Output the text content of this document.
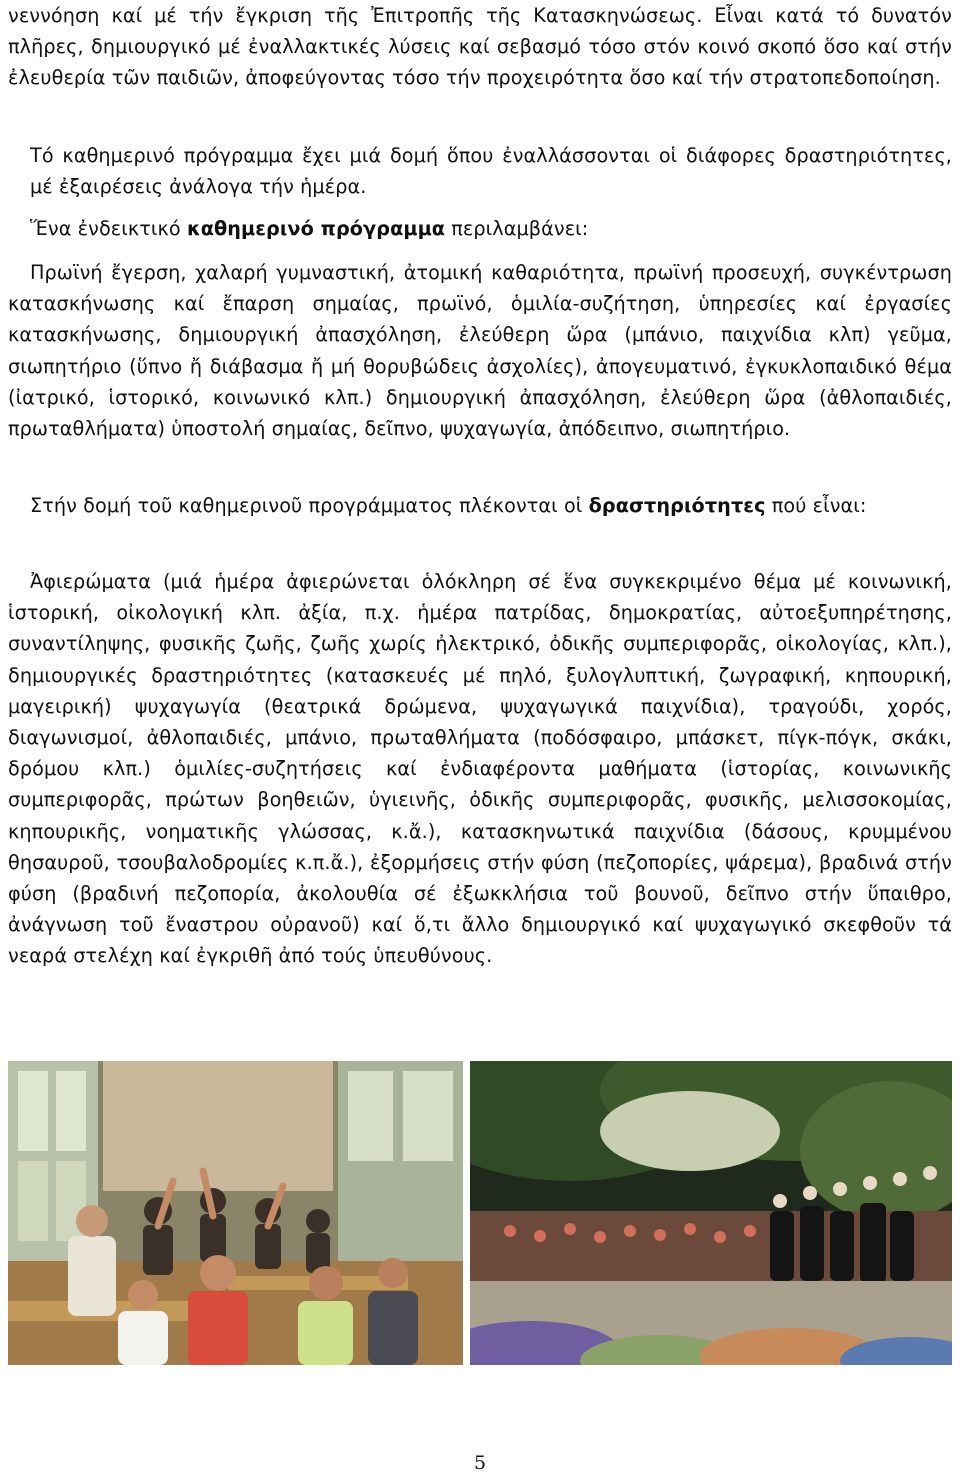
νεννόηση καί μέ τήν ἔγκριση τῆς Ἐπιτροπῆς τῆς Κατασκηνώσεως. Εἶναι κατά τό δυνατόν πλῆρες, δημιουργικό μέ ἐναλλακτικές λύσεις καί σεβασμό τόσο στόν κοινό σκοπό ὅσο καί στήν ἐλευθερία τῶν παιδιῶν, ἀποφεύγοντας τόσο τήν προχειρότητα ὅσο καί τήν στρατοπεδοποίηση.
Τό καθημερινό πρόγραμμα ἔχει μιά δομή ὅπου ἐναλλάσσονται οἱ διάφορες δραστηριότητες, μέ ἐξαιρέσεις ἀνάλογα τήν ἡμέρα.
Ἕνα ἐνδεικτικό καθημερινό πρόγραμμα περιλαμβάνει:
Πρωϊνή ἔγερση, χαλαρή γυμναστική, ἀτομική καθαριότητα, πρωϊνή προσευχή, συγκέντρωση κατασκήνωσης καί ἔπαρση σημαίας, πρωϊνό, ὁμιλία-συζήτηση, ὑπηρεσίες καί ἐργασίες κατασκήνωσης, δημιουργική ἀπασχόληση, ἐλεύθερη ὥρα (μπάνιο, παιχνίδια κλπ) γεῦμα, σιωπητήριο (ὕπνο ἤ διάβασμα ἤ μή θορυβώδεις ἀσχολίες), ἀπογευματινό, ἐγκυκλοπαιδικό θέμα (ἰατρικό, ἱστορικό, κοινωνικό κλπ.) δημιουργική ἀπασχόληση, ἐλεύθερη ὥρα (ἀθλοπαιδιές, πρωταθλήματα) ὑποστολή σημαίας, δεῖπνο, ψυχαγωγία, ἀπόδειπνο, σιωπητήριο.
Στήν δομή τοῦ καθημερινοῦ προγράμματος πλέκονται οἱ δραστηριότητες πού εἶναι:
Ἀφιερώματα (μιά ἡμέρα ἀφιερώνεται ὁλόκληρη σέ ἕνα συγκεκριμένο θέμα μέ κοινωνική, ἱστορική, οἰκολογική κλπ. ἀξία, π.χ. ἡμέρα πατρίδας, δημοκρατίας, αὐτοεξυπηρέτησης, συναντίληψης, φυσικῆς ζωῆς, ζωῆς χωρίς ἠλεκτρικό, ὀδικῆς συμπεριφορᾶς, οἰκολογίας, κλπ.), δημιουργικές δραστηριότητες (κατασκευές μέ πηλό, ξυλογλυπτική, ζωγραφική, κηπουρική, μαγειρική) ψυχαγωγία (θεατρικά δρώμενα, ψυχαγωγικά παιχνίδια), τραγούδι, χορός, διαγωνισμοί, ἀθλοπαιδιές, μπάνιο, πρωταθλήματα (ποδόσφαιρο, μπάσκετ, πίγκ-πόγκ, σκάκι, δρόμου κλπ.) ὁμιλίες-συζητήσεις καί ἐνδιαφέροντα μαθήματα (ἱστορίας, κοινωνικῆς συμπεριφορᾶς, πρώτων βοηθειῶν, ὑγιεινῆς, ὀδικῆς συμπεριφορᾶς, φυσικῆς, μελισσοκομίας, κηπουρικῆς, νοηματικῆς γλώσσας, κ.ἄ.), κατασκηνωτικά παιχνίδια (δάσους, κρυμμένου θησαυροῦ, τσουβαλοδρομίες κ.π.ἄ.), ἐξορμήσεις στήν φύση (πεζοπορίες, ψάρεμα), βραδινά στήν φύση (βραδινή πεζοπορία, ἀκολουθία σέ ἐξωκκλήσια τοῦ βουνοῦ, δεῖπνο στήν ὕπαιθρο, ἀνάγνωση τοῦ ἔναστρου οὐρανοῦ) καί ὅ,τι ἄλλο δημιουργικό καί ψυχαγωγικό σκεφθοῦν τά νεαρά στελέχη καί ἐγκριθῆ ἀπό τούς ὑπευθύνους.
5
